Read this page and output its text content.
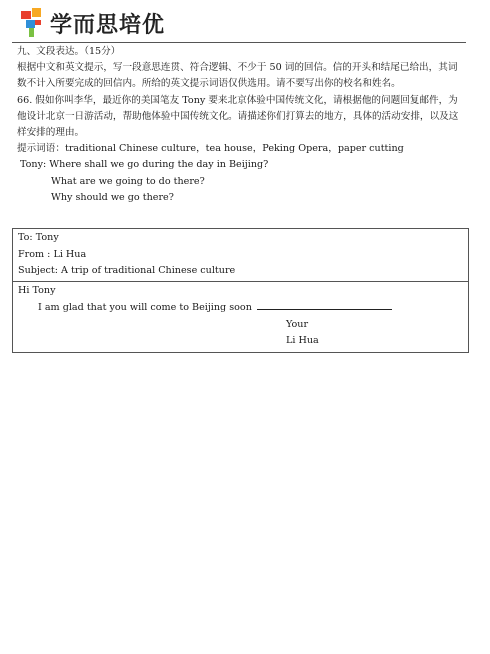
学而思培优

九、文段表达。（15分）

根据中文和英文提示，写一段意思连贯、符合逻辑、不少于 50 词的回信。信的开头和结尾已给出，其词数不计入所要完成的回信内。所给的英文提示词语仅供选用。请不要写出你的校名和姓名。

66. 假如你叫李华，最近你的美国笔友 Tony 要来北京体验中国传统文化，请根据他的问题回复邮件，为他设计北京一日游活动，帮助他体验中国传统文化。请描述你们打算去的地方，具体的活动安排，以及这样安排的理由。

提示词语：traditional Chinese culture，tea house，Peking Opera，paper cutting

Tony: Where shall we go during the day in Beijing?

What are we going to do there?

Why should we go there?

To: Tony
From : Li Hua
Subject: A trip of traditional Chinese culture
Hi Tony
I am glad that you will come to Beijing soon
Your
Li Hua
